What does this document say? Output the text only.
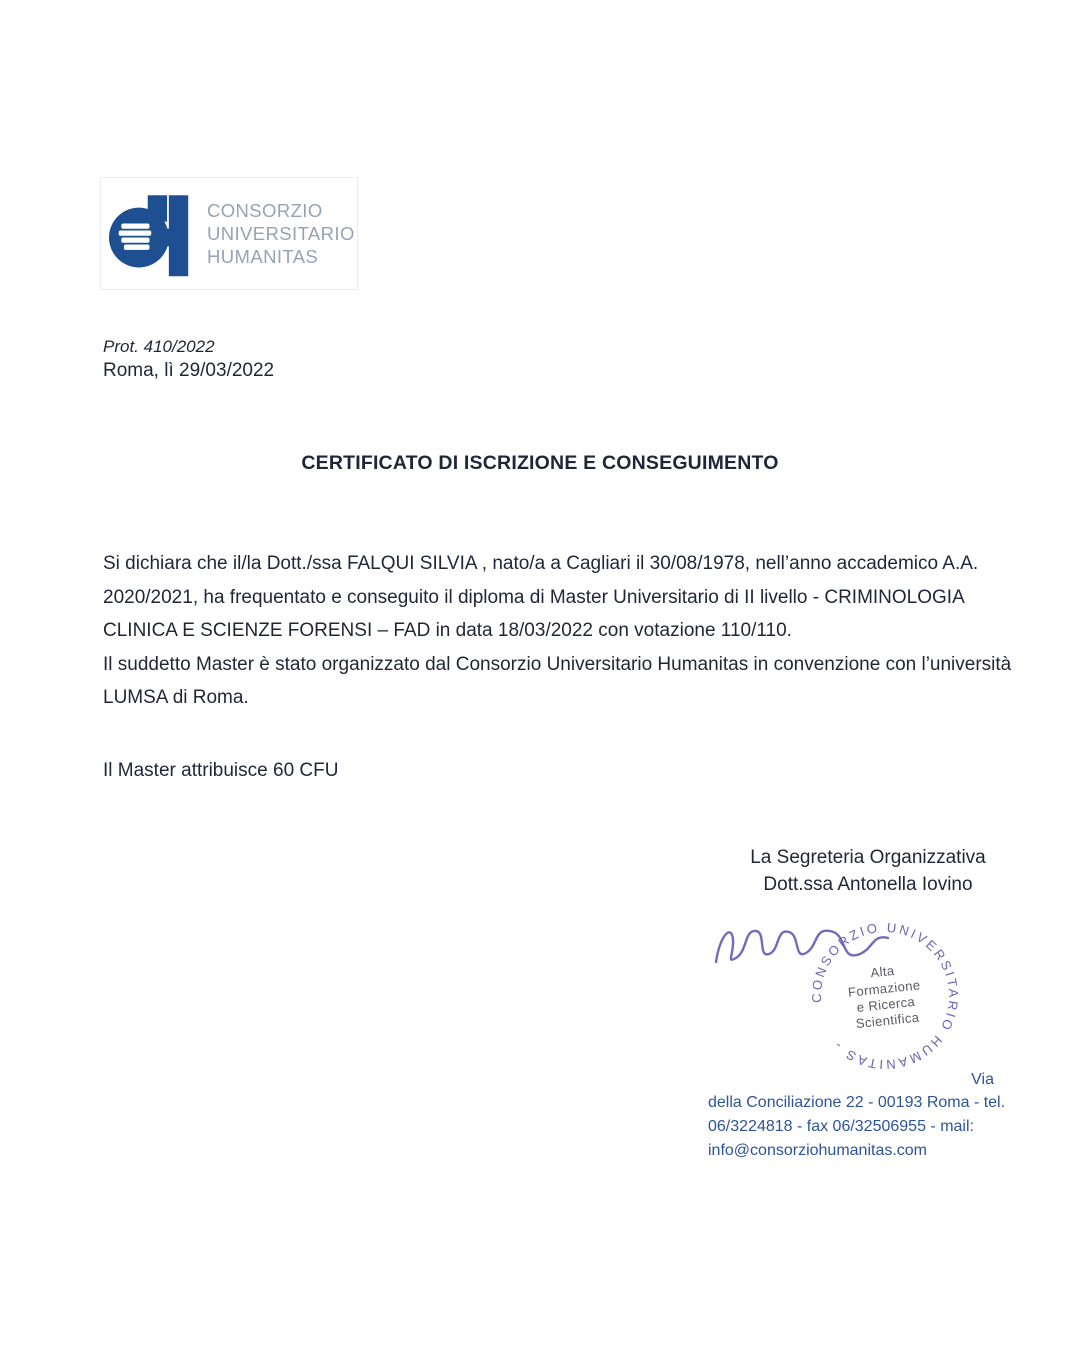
CONSORZIO
UNIVERSITARIO
HUMANITAS
Prot. 410/2022
Roma, lì 29/03/2022
CERTIFICATO DI ISCRIZIONE E CONSEGUIMENTO

Si dichiara che il/la Dott./ssa FALQUI SILVIA , nato/a a Cagliari il 30/08/1978, nell’anno accademico A.A. 2020/2021, ha frequentato e conseguito il diploma di Master Universitario di II livello - CRIMINOLOGIA CLINICA E SCIENZE FORENSI – FAD in data 18/03/2022 con votazione 110/110.

Il suddetto Master è stato organizzato dal Consorzio Universitario Humanitas in convenzione con l’università LUMSA di Roma.

Il Master attribuisce 60 CFU
La Segreteria Organizzativa
Dott.ssa Antonella Iovino
CONSORZIO UNIVERSITARIO HUMANITAS -
Alta
Formazione
e Ricerca
Scientifica
Via
della Conciliazione 22 - 00193 Roma - tel.
06/3224818 - fax 06/32506955 - mail:
info@consorziohumanitas.com
